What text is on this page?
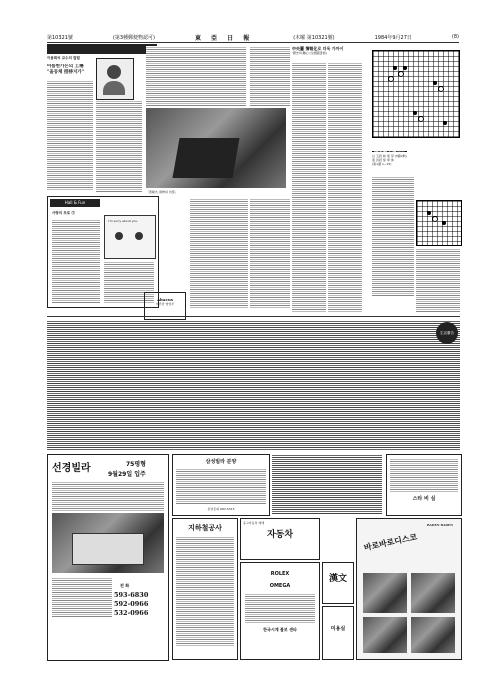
第10321號	(第3種郵便物認可)	東 亞 日 報	(木曜 第10321號)	1984年9月27日	(8)
이용희씨 교수의 칼럼
아름한가든의 工場
"을동체 招待지가"
Hall & Fun
사랑의 프로 ③
I'm sorry about you.
Abacus
바른한 영업부
「西歐式 建物의 內部」
中央圖 情報化로 더욱 가까이
'歷史의 關心'(全國圖書館)
白 五段 林 東 學 (5勝2敗)
黑 四段 徐 奉 洙
(第1譜 1~15)
生活廣告
선경빌라	75평형
9월29일 입주
전 화
593-6830
592-0966
532-0966
삼성빌라 분양
분양문의 683-5315
스타 비 실
지하철공사
중고자동차 매매
자동차
ROLEX
OMEGA
한국시계 볼보 센타
漢文
미용실
BADEN BADEN
바로바로디스코
